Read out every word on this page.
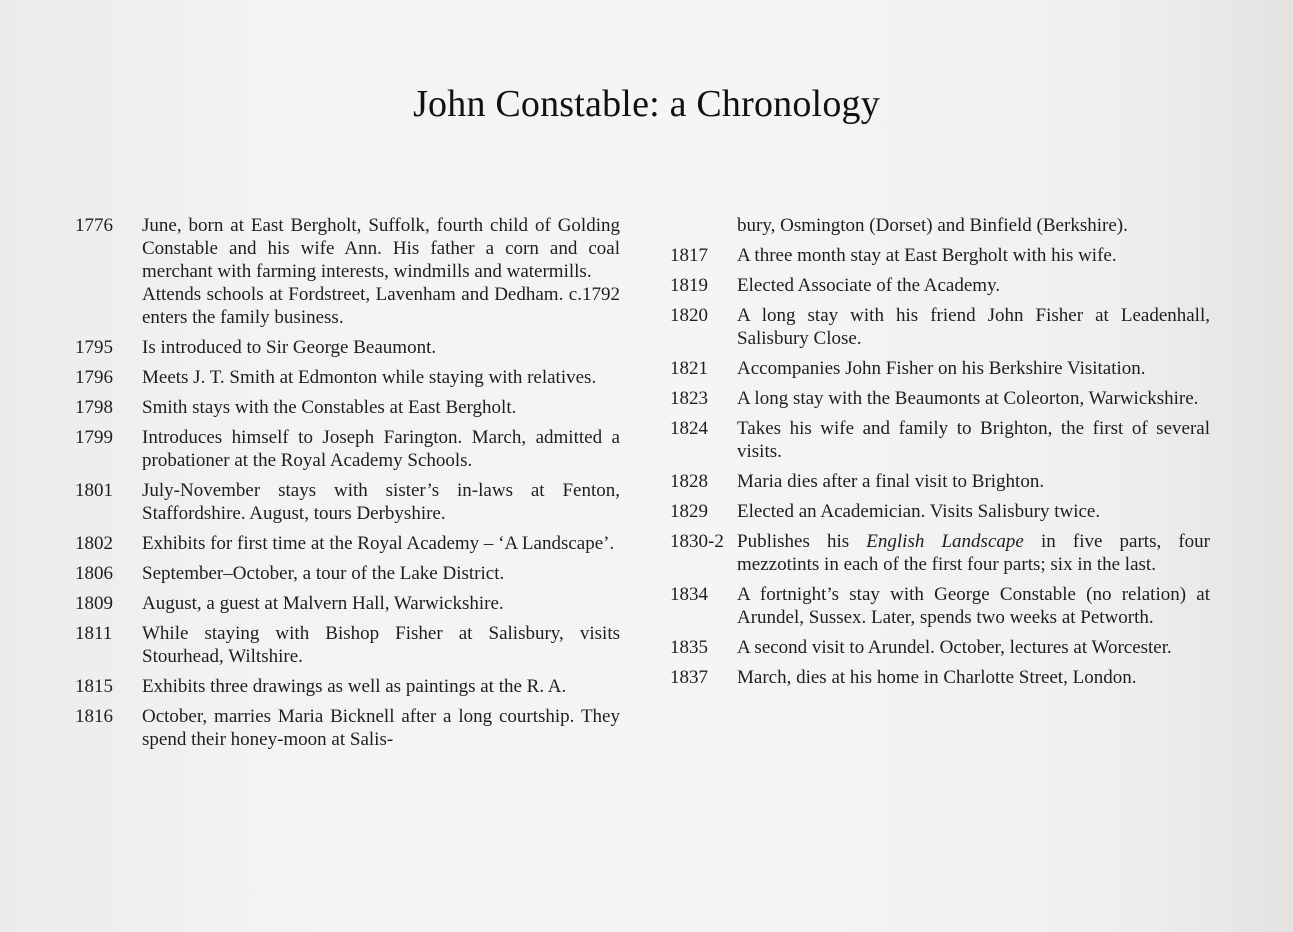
John Constable: a Chronology
1776	June, born at East Bergholt, Suffolk, fourth child of Golding Constable and his wife Ann. His father a corn and coal merchant with farming interests, windmills and watermills.

Attends schools at Fordstreet, Lavenham and Dedham. c.1792 enters the family business.

1795	Is introduced to Sir George Beaumont.

1796	Meets J. T. Smith at Edmonton while staying with relatives.

1798	Smith stays with the Constables at East Bergholt.

1799	Introduces himself to Joseph Farington. March, admitted a probationer at the Royal Academy Schools.

1801	July-November stays with sister’s in-laws at Fenton, Staffordshire. August, tours Derbyshire.

1802	Exhibits for first time at the Royal Academy – ‘A Landscape’.

1806	September–October, a tour of the Lake District.

1809	August, a guest at Malvern Hall, Warwickshire.

1811	While staying with Bishop Fisher at Salisbury, visits Stourhead, Wiltshire.

1815	Exhibits three drawings as well as paintings at the R. A.

1816	October, marries Maria Bicknell after a long courtship. They spend their honey-moon at Salis-

bury, Osmington (Dorset) and Binfield (Berkshire).

1817	A three month stay at East Bergholt with his wife.

1819	Elected Associate of the Academy.

1820	A long stay with his friend John Fisher at Leadenhall, Salisbury Close.

1821	Accompanies John Fisher on his Berkshire Visitation.

1823	A long stay with the Beaumonts at Coleorton, Warwickshire.

1824	Takes his wife and family to Brighton, the first of several visits.

1828	Maria dies after a final visit to Brighton.

1829	Elected an Academician. Visits Salisbury twice.

1830-2 Publishes his English Landscape in five parts, four mezzotints in each of the first four parts; six in the last.

1834	A fortnight’s stay with George Constable (no relation) at Arundel, Sussex. Later, spends two weeks at Petworth.

1835	A second visit to Arundel. October, lectures at Worcester.

1837	March, dies at his home in Charlotte Street, London.
